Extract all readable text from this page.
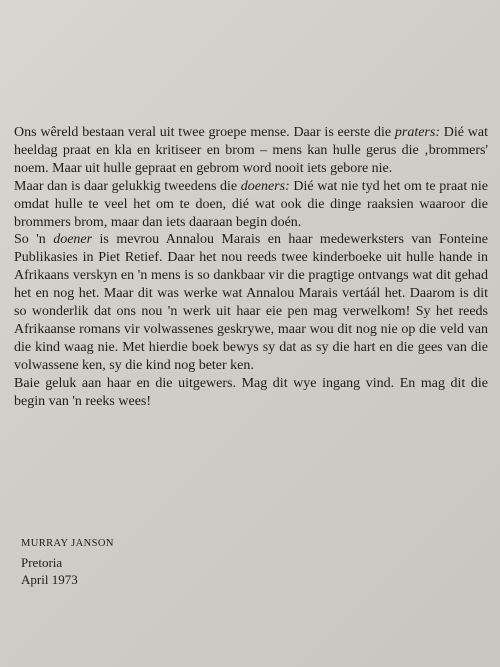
Ons wêreld bestaan veral uit twee groepe mense. Daar is eerste die praters: Dié wat heeldag praat en kla en kritiseer en brom – mens kan hulle gerus die ‚brommers' noem. Maar uit hulle gepraat en gebrom word nooit iets gebore nie.

Maar dan is daar gelukkig tweedens die doeners: Dié wat nie tyd het om te praat nie omdat hulle te veel het om te doen, dié wat ook die dinge raaksien waaroor die brommers brom, maar dan iets daaraan begin doén.

So 'n doener is mevrou Annalou Marais en haar medewerksters van Fonteine Publikasies in Piet Retief. Daar het nou reeds twee kinderboeke uit hulle hande in Afrikaans verskyn en 'n mens is so dankbaar vir die pragtige ontvangs wat dit gehad het en nog het. Maar dit was werke wat Annalou Marais vertáál het. Daarom is dit so wonderlik dat ons nou 'n werk uit haar eie pen mag verwelkom! Sy het reeds Afrikaanse romans vir volwassenes geskrywe, maar wou dit nog nie op die veld van die kind waag nie. Met hierdie boek bewys sy dat as sy die hart en die gees van die volwassene ken, sy die kind nog beter ken.

Baie geluk aan haar en die uitgewers. Mag dit wye ingang vind. En mag dit die begin van 'n reeks wees!

MURRAY JANSON
Pretoria
April 1973
